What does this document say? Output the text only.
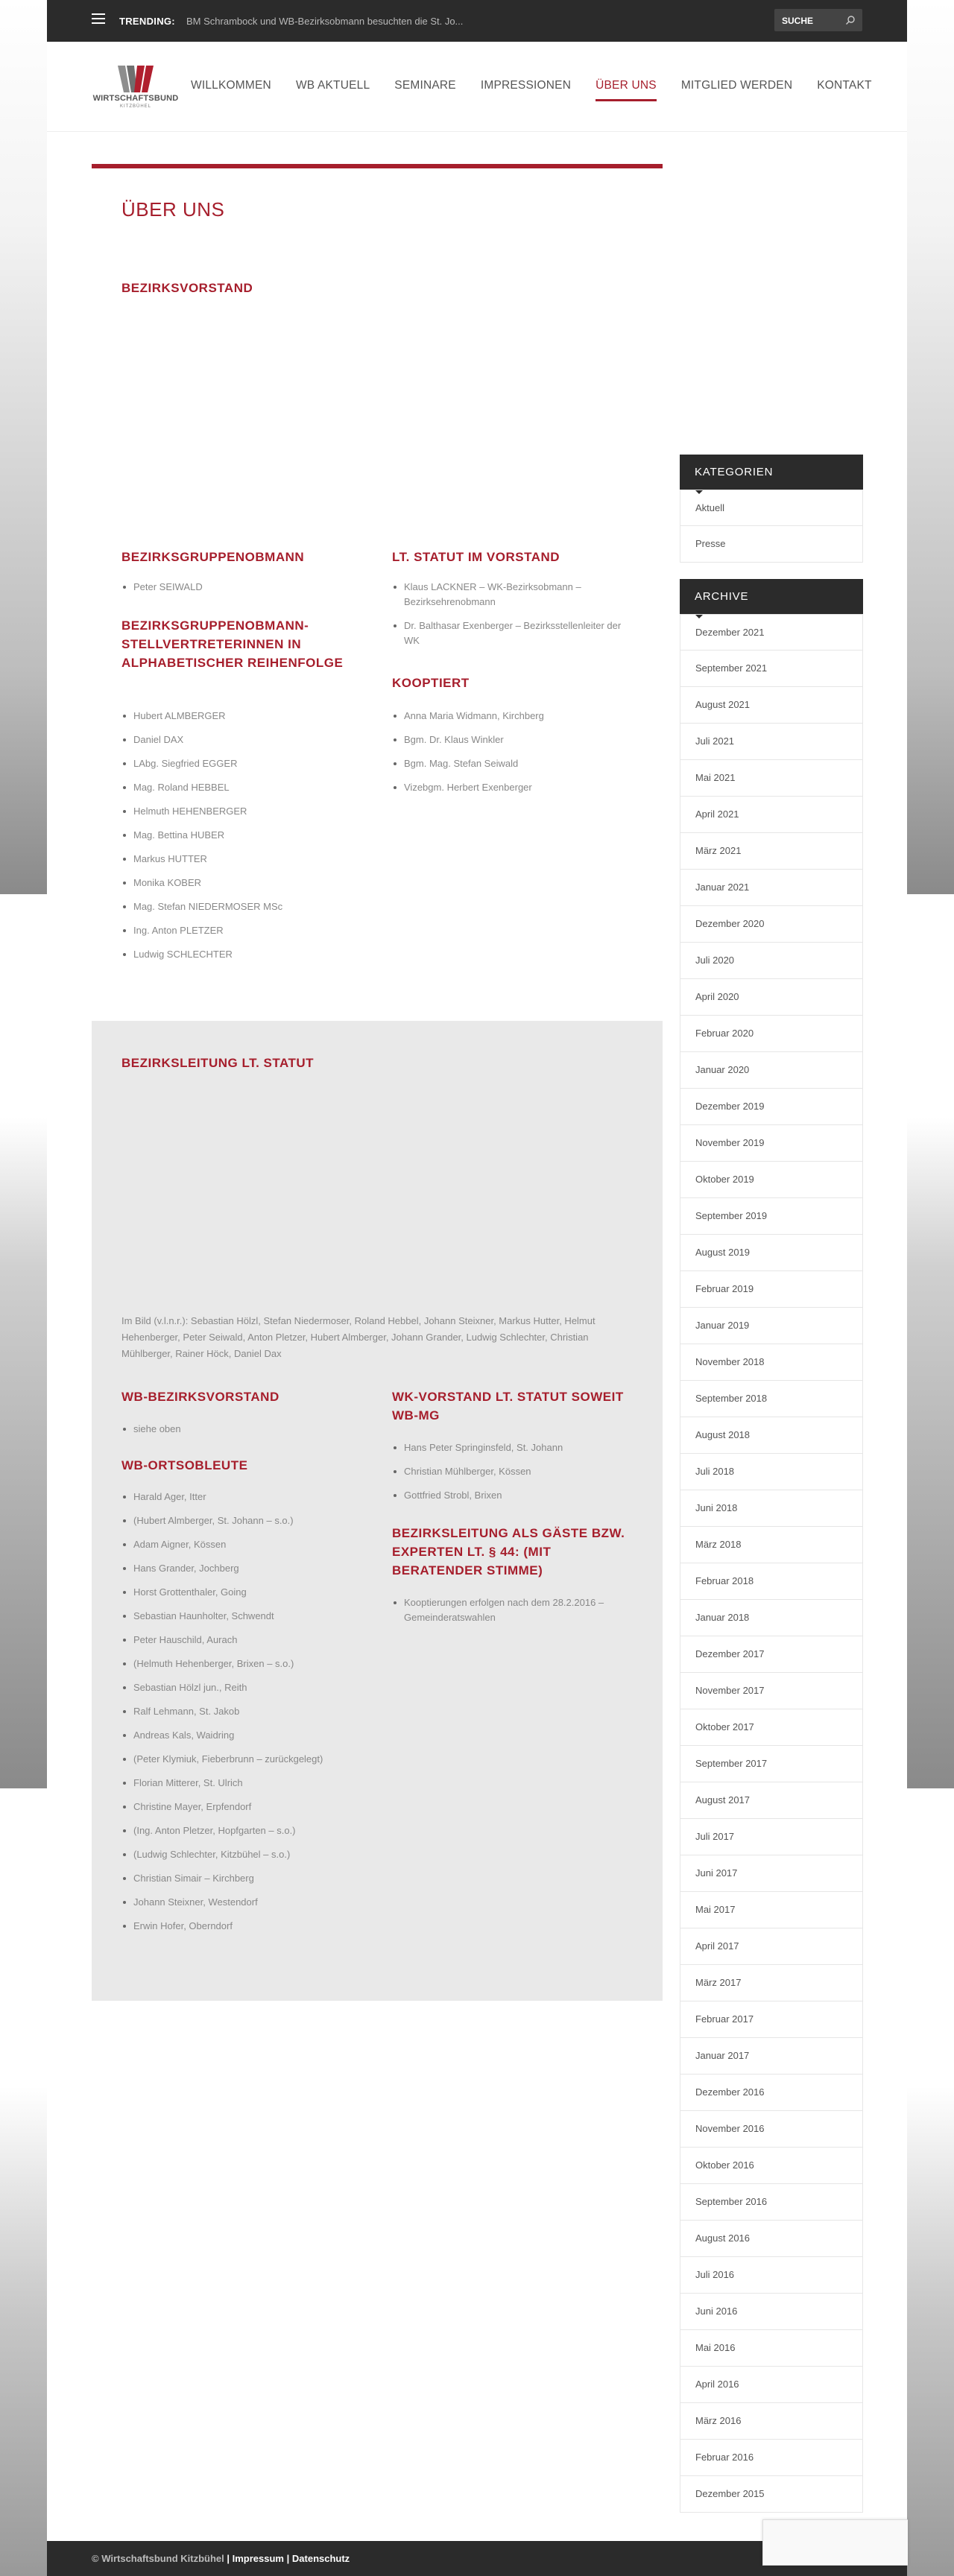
TRENDING: BM Schrambock und WB-Bezirksobmann besuchten die St. Jo...
SUCHE
WIRTSCHAFTSBUND
KITZBÜHEL
WILLKOMMEN WB AKTUELL SEMINARE IMPRESSIONEN ÜBER UNS MITGLIED WERDEN KONTAKT
ÜBER UNS
BEZIRKSVORSTAND
BEZIRKSGRUPPENOBMANN
Peter SEIWALD
BEZIRKSGRUPPENOBMANN-STELLVERTRETERINNEN IN ALPHABETISCHER REIHENFOLGE
Hubert ALMBERGER
Daniel DAX
LAbg. Siegfried EGGER
Mag. Roland HEBBEL
Helmuth HEHENBERGER
Mag. Bettina HUBER
Markus HUTTER
Monika KOBER
Mag. Stefan NIEDERMOSER MSc
Ing. Anton PLETZER
Ludwig SCHLECHTER
LT. STATUT IM VORSTAND
Klaus LACKNER – WK-Bezirksobmann – Bezirksehrenobmann
Dr. Balthasar Exenberger – Bezirksstellenleiter der WK
KOOPTIERT
Anna Maria Widmann, Kirchberg
Bgm. Dr. Klaus Winkler
Bgm. Mag. Stefan Seiwald
Vizebgm. Herbert Exenberger
BEZIRKSLEITUNG LT. STATUT
Im Bild (v.l.n.r.): Sebastian Hölzl, Stefan Niedermoser, Roland Hebbel, Johann Steixner, Markus Hutter, Helmut Hehenberger, Peter Seiwald, Anton Pletzer, Hubert Almberger, Johann Grander, Ludwig Schlechter, Christian Mühlberger, Rainer Höck, Daniel Dax
WB-BEZIRKSVORSTAND
siehe oben
WB-ORTSOBLEUTE
Harald Ager, Itter
(Hubert Almberger, St. Johann – s.o.)
Adam Aigner, Kössen
Hans Grander, Jochberg
Horst Grottenthaler, Going
Sebastian Haunholter, Schwendt
Peter Hauschild, Aurach
(Helmuth Hehenberger, Brixen – s.o.)
Sebastian Hölzl jun., Reith
Ralf Lehmann, St. Jakob
Andreas Kals, Waidring
(Peter Klymiuk, Fieberbrunn – zurückgelegt)
Florian Mitterer, St. Ulrich
Christine Mayer, Erpfendorf
(Ing. Anton Pletzer, Hopfgarten – s.o.)
(Ludwig Schlechter, Kitzbühel – s.o.)
Christian Simair – Kirchberg
Johann Steixner, Westendorf
Erwin Hofer, Oberndorf
WK-VORSTAND LT. STATUT SOWEIT WB-MG
Hans Peter Springinsfeld, St. Johann
Christian Mühlberger, Kössen
Gottfried Strobl, Brixen
BEZIRKSLEITUNG ALS GÄSTE BZW. EXPERTEN LT. § 44: (MIT BERATENDER STIMME)
Kooptierungen erfolgen nach dem 28.2.2016 – Gemeinderatswahlen
KATEGORIEN
Aktuell
Presse
ARCHIVE
Dezember 2021
September 2021
August 2021
Juli 2021
Mai 2021
April 2021
März 2021
Januar 2021
Dezember 2020
Juli 2020
April 2020
Februar 2020
Januar 2020
Dezember 2019
November 2019
Oktober 2019
September 2019
August 2019
Februar 2019
Januar 2019
November 2018
September 2018
August 2018
Juli 2018
Juni 2018
März 2018
Februar 2018
Januar 2018
Dezember 2017
November 2017
Oktober 2017
September 2017
August 2017
Juli 2017
Juni 2017
Mai 2017
April 2017
März 2017
Februar 2017
Januar 2017
Dezember 2016
November 2016
Oktober 2016
September 2016
August 2016
Juli 2016
Juni 2016
Mai 2016
April 2016
März 2016
Februar 2016
Dezember 2015
© Wirtschaftsbund Kitzbühel | Impressum | Datenschutz
